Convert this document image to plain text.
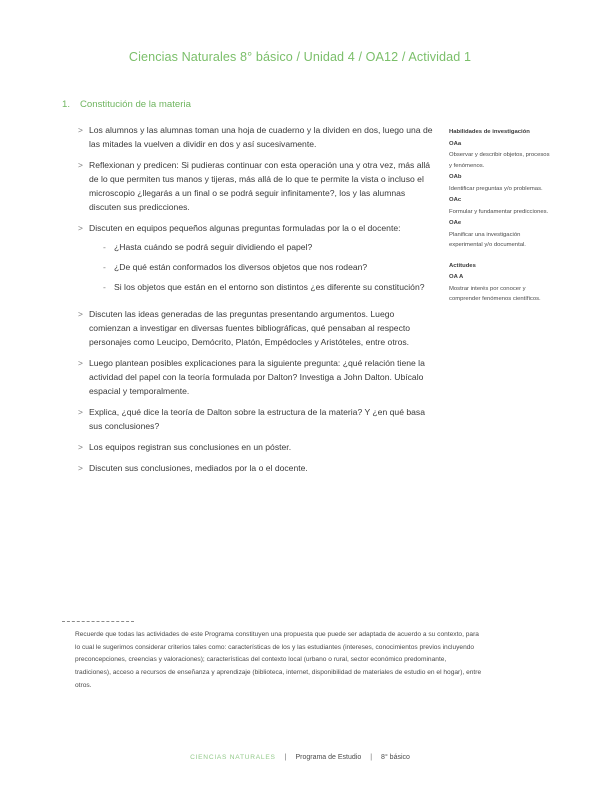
Ciencias Naturales 8° básico / Unidad 4 / OA12 / Actividad 1
1.	Constitución de la materia
> Los alumnos y las alumnas toman una hoja de cuaderno y la dividen en dos, luego una de las mitades la vuelven a dividir en dos y así sucesivamente.
> Reflexionan y predicen: Si pudieras continuar con esta operación una y otra vez, más allá de lo que permiten tus manos y tijeras, más allá de lo que te permite la vista o incluso el microscopio ¿llegarás a un final o se podrá seguir infinitamente?, los y las alumnas discuten sus predicciones.
> Discuten en equipos pequeños algunas preguntas formuladas por la o el docente:
- ¿Hasta cuándo se podrá seguir dividiendo el papel?
- ¿De qué están conformados los diversos objetos que nos rodean?
- Si los objetos que están en el entorno son distintos ¿es diferente su constitución?
> Discuten las ideas generadas de las preguntas presentando argumentos. Luego comienzan a investigar en diversas fuentes bibliográficas, qué pensaban al respecto personajes como Leucipo, Demócrito, Platón, Empédocles y Aristóteles, entre otros.
> Luego plantean posibles explicaciones para la siguiente pregunta: ¿qué relación tiene la actividad del papel con la teoría formulada por Dalton? Investiga a John Dalton. Ubícalo espacial y temporalmente.
> Explica, ¿qué dice la teoría de Dalton sobre la estructura de la materia? Y ¿en qué basa sus conclusiones?
> Los equipos registran sus conclusiones en un póster.
> Discuten sus conclusiones, mediados por la o el docente.
Habilidades de investigación
OAa
Observar y describir objetos, procesos y fenómenos.
OAb
Identificar preguntas y/o problemas.
OAc
Formular y fundamentar predicciones.
OAe
Planificar una investigación experimental y/o documental.
Actitudes
OA A
Mostrar interés por conocer y comprender fenómenos científicos.
Recuerde que todas las actividades de este Programa constituyen una propuesta que puede ser adaptada de acuerdo a su contexto, para lo cual le sugerimos considerar criterios tales como: características de los y las estudiantes (intereses, conocimientos previos incluyendo preconcepciones, creencias y valoraciones); características del contexto local (urbano o rural, sector económico predominante, tradiciones), acceso a recursos de enseñanza y aprendizaje (biblioteca, internet, disponibilidad de materiales de estudio en el hogar), entre otros.
CIENCIAS NATURALES	|	Programa de Estudio	|	8° básico
